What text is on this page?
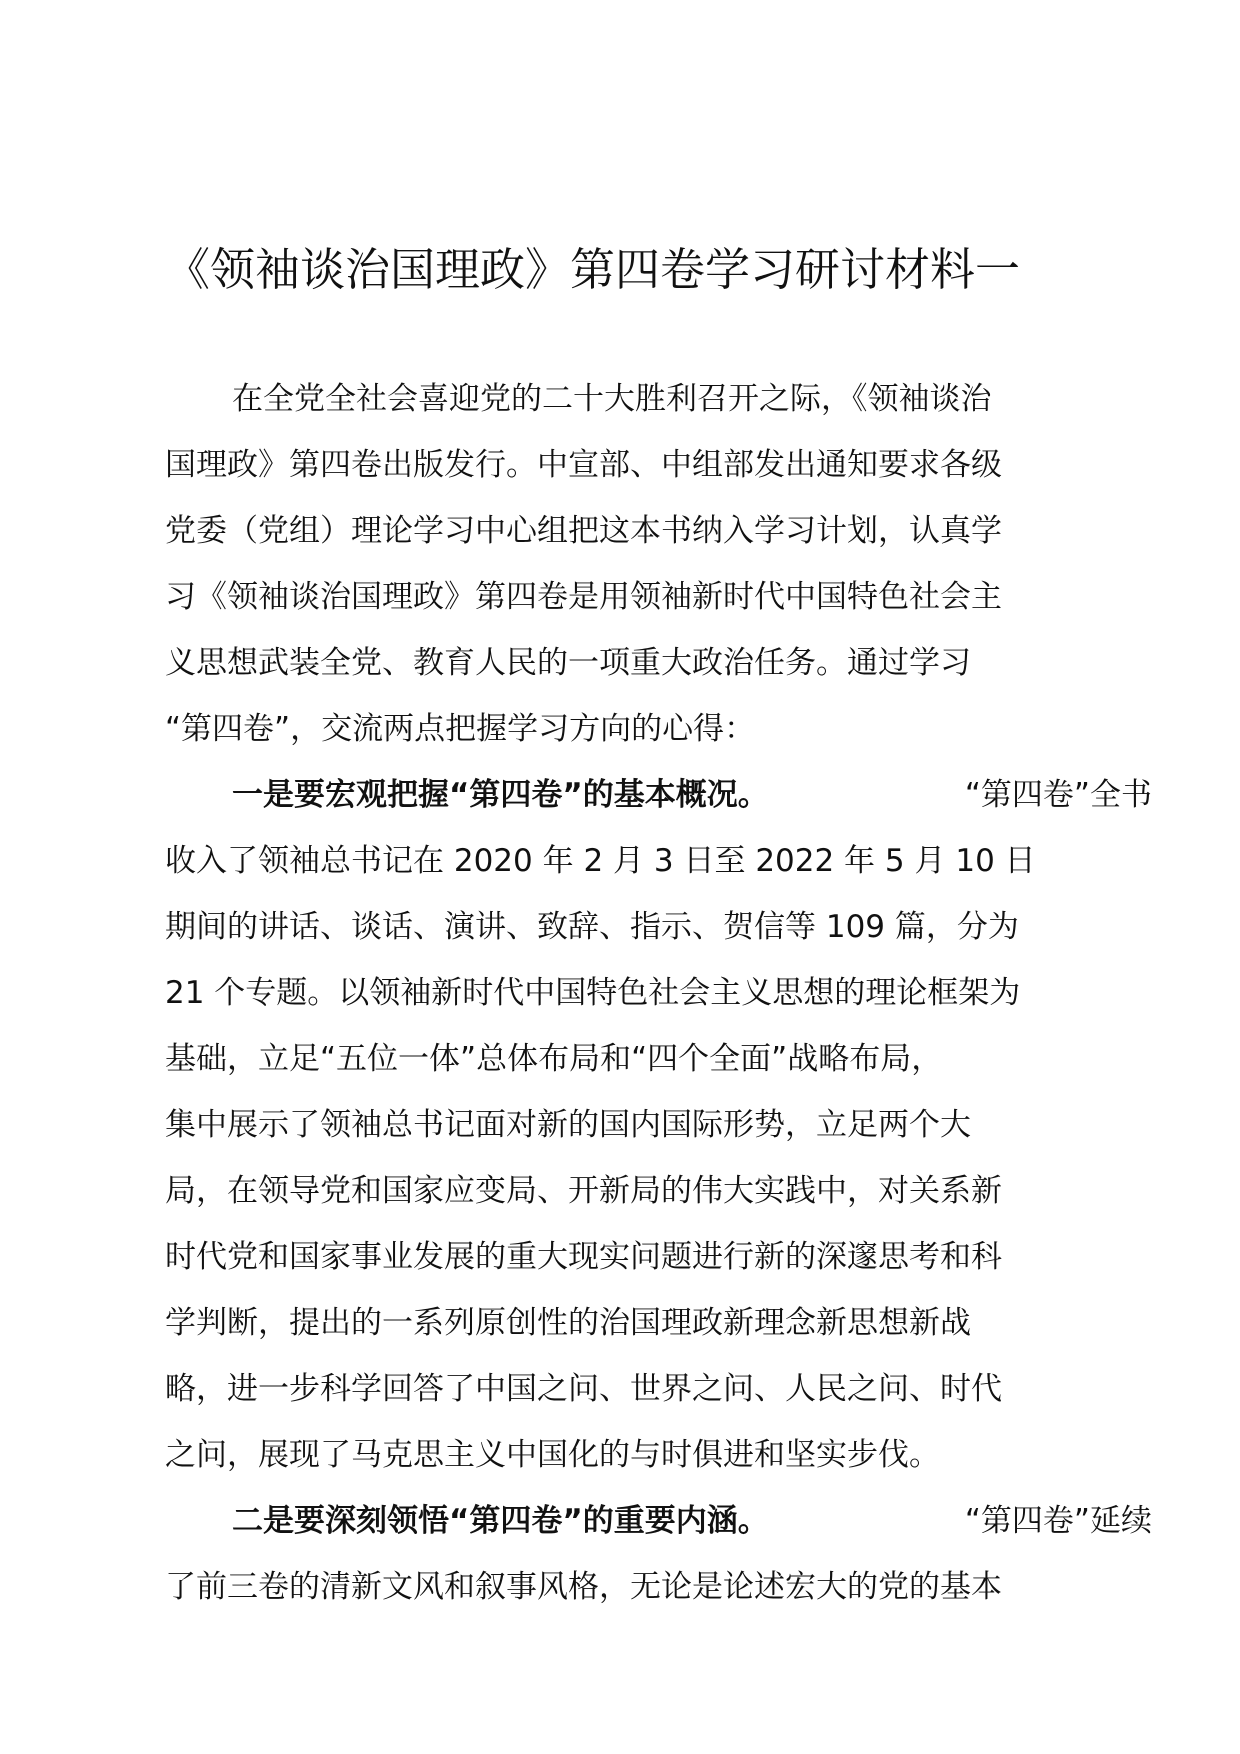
《领袖谈治国理政》第四卷学习研讨材料一
在全党全社会喜迎党的二十大胜利召开之际，《领袖谈治
国理政》第四卷出版发行。中宣部、中组部发出通知要求各级
党委（党组）理论学习中心组把这本书纳入学习计划，认真学
习《领袖谈治国理政》第四卷是用领袖新时代中国特色社会主
义思想武装全党、教育人民的一项重大政治任务。通过学习
“第四卷”，交流两点把握学习方向的心得：
一是要宏观把握“第四卷”的基本概况。	“第四卷”全书
收入了领袖总书记在 2020 年 2 月 3 日至 2022 年 5 月 10 日
期间的讲话、谈话、演讲、致辞、指示、贺信等 109 篇，分为
21 个专题。以领袖新时代中国特色社会主义思想的理论框架为
基础，立足“五位一体”总体布局和“四个全面”战略布局，
集中展示了领袖总书记面对新的国内国际形势，立足两个大
局，在领导党和国家应变局、开新局的伟大实践中，对关系新
时代党和国家事业发展的重大现实问题进行新的深邃思考和科
学判断，提出的一系列原创性的治国理政新理念新思想新战
略，进一步科学回答了中国之问、世界之问、人民之问、时代
之问，展现了马克思主义中国化的与时俱进和坚实步伐。
二是要深刻领悟“第四卷”的重要内涵。	“第四卷”延续
了前三卷的清新文风和叙事风格，无论是论述宏大的党的基本
